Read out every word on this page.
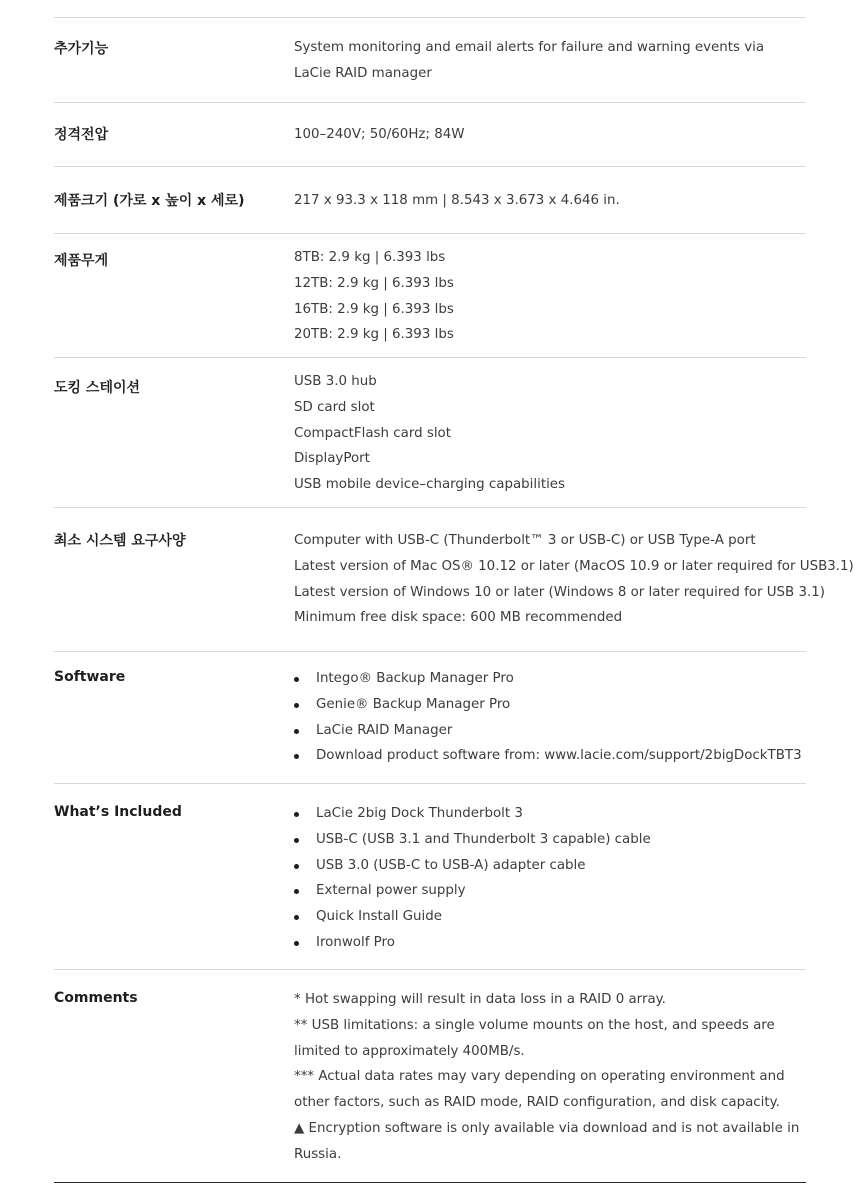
추가기능	System monitoring and email alerts for failure and warning events via
LaCie RAID manager
정격전압	100–240V; 50/60Hz; 84W
제품크기 (가로 x 높이 x 세로)	217 x 93.3 x 118 mm | 8.543 x 3.673 x 4.646 in.
제품무게	8TB: 2.9 kg | 6.393 lbs
12TB: 2.9 kg | 6.393 lbs
16TB: 2.9 kg | 6.393 lbs
20TB: 2.9 kg | 6.393 lbs
도킹 스테이션	USB 3.0 hub
SD card slot
CompactFlash card slot
DisplayPort
USB mobile device–charging capabilities
최소 시스템 요구사양	Computer with USB-C (Thunderbolt™ 3 or USB-C) or USB Type-A port
Latest version of Mac OS® 10.12 or later (MacOS 10.9 or later required for USB3.1)
Latest version of Windows 10 or later (Windows 8 or later required for USB 3.1)
Minimum free disk space: 600 MB recommended
Software	Intego® Backup Manager Pro
Genie® Backup Manager Pro
LaCie RAID Manager
Download product software from: www.lacie.com/support/2bigDockTBT3
What’s Included	LaCie 2big Dock Thunderbolt 3
USB-C (USB 3.1 and Thunderbolt 3 capable) cable
USB 3.0 (USB-C to USB-A) adapter cable
External power supply
Quick Install Guide
Ironwolf Pro
Comments	* Hot swapping will result in data loss in a RAID 0 array.
** USB limitations: a single volume mounts on the host, and speeds are
limited to approximately 400MB/s.
*** Actual data rates may vary depending on operating environment and
other factors, such as RAID mode, RAID configuration, and disk capacity.
▲ Encryption software is only available via download and is not available in
Russia.
